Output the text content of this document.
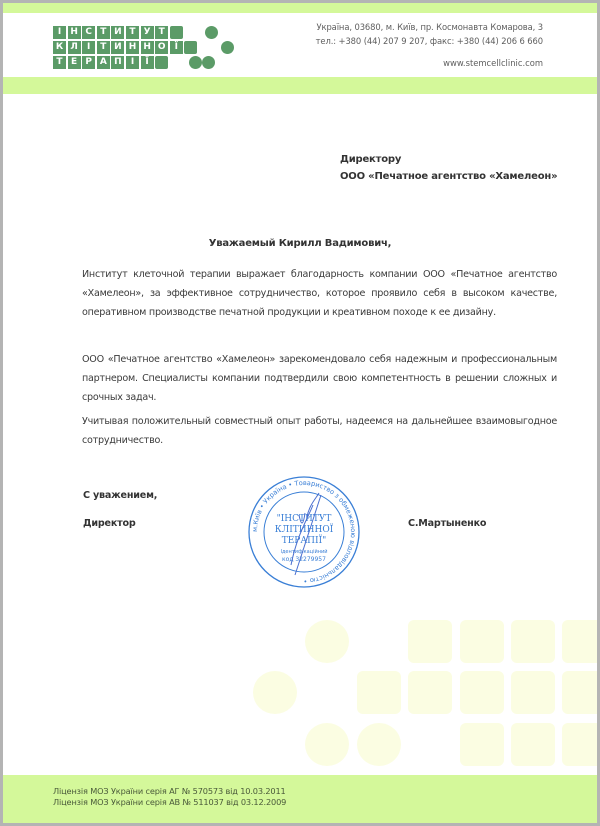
І	Н С Т И Т У Т
К Л	І	Т И Н Н О	Ї
Т Е Р А П	І	Ї
Україна, 03680, м. Київ, пр. Космонавта Комарова, 3
тел.: +380 (44) 207 9 207, факс: +380 (44) 206 6 660
www.stemcellclinic.com
Директору
ООО «Печатное агентство «Хамелеон»
Уважаемый Кирилл Вадимович,
Институт клеточной терапии выражает благодарность компании ООО «Печатное агентство «Хамелеон», за эффективное сотрудничество, которое проявило себя в высоком качестве, оперативном производстве печатной продукции и креативном походе к ее дизайну.
ООО «Печатное агентство «Хамелеон» зарекомендовало себя надежным и профессиональным партнером. Специалисты компании подтвердили свою компетентность в решении сложных и срочных задач.
Учитывая положительный совместный опыт работы, надеемся на дальнейшее взаимовыгодное сотрудничество.
С уважением,
Директор	С.Мартыненко
м.Київ • Україна • Товариство з обмеженою відповідальністю •
"ІНСТИТУТ
КЛІТИННОЇ
ТЕРАПІЇ"
Ідентифікаційний
код 32279957
Ліцензія МОЗ України серія АГ № 570573 від 10.03.2011
Ліцензія МОЗ України серія АВ № 511037 від 03.12.2009
